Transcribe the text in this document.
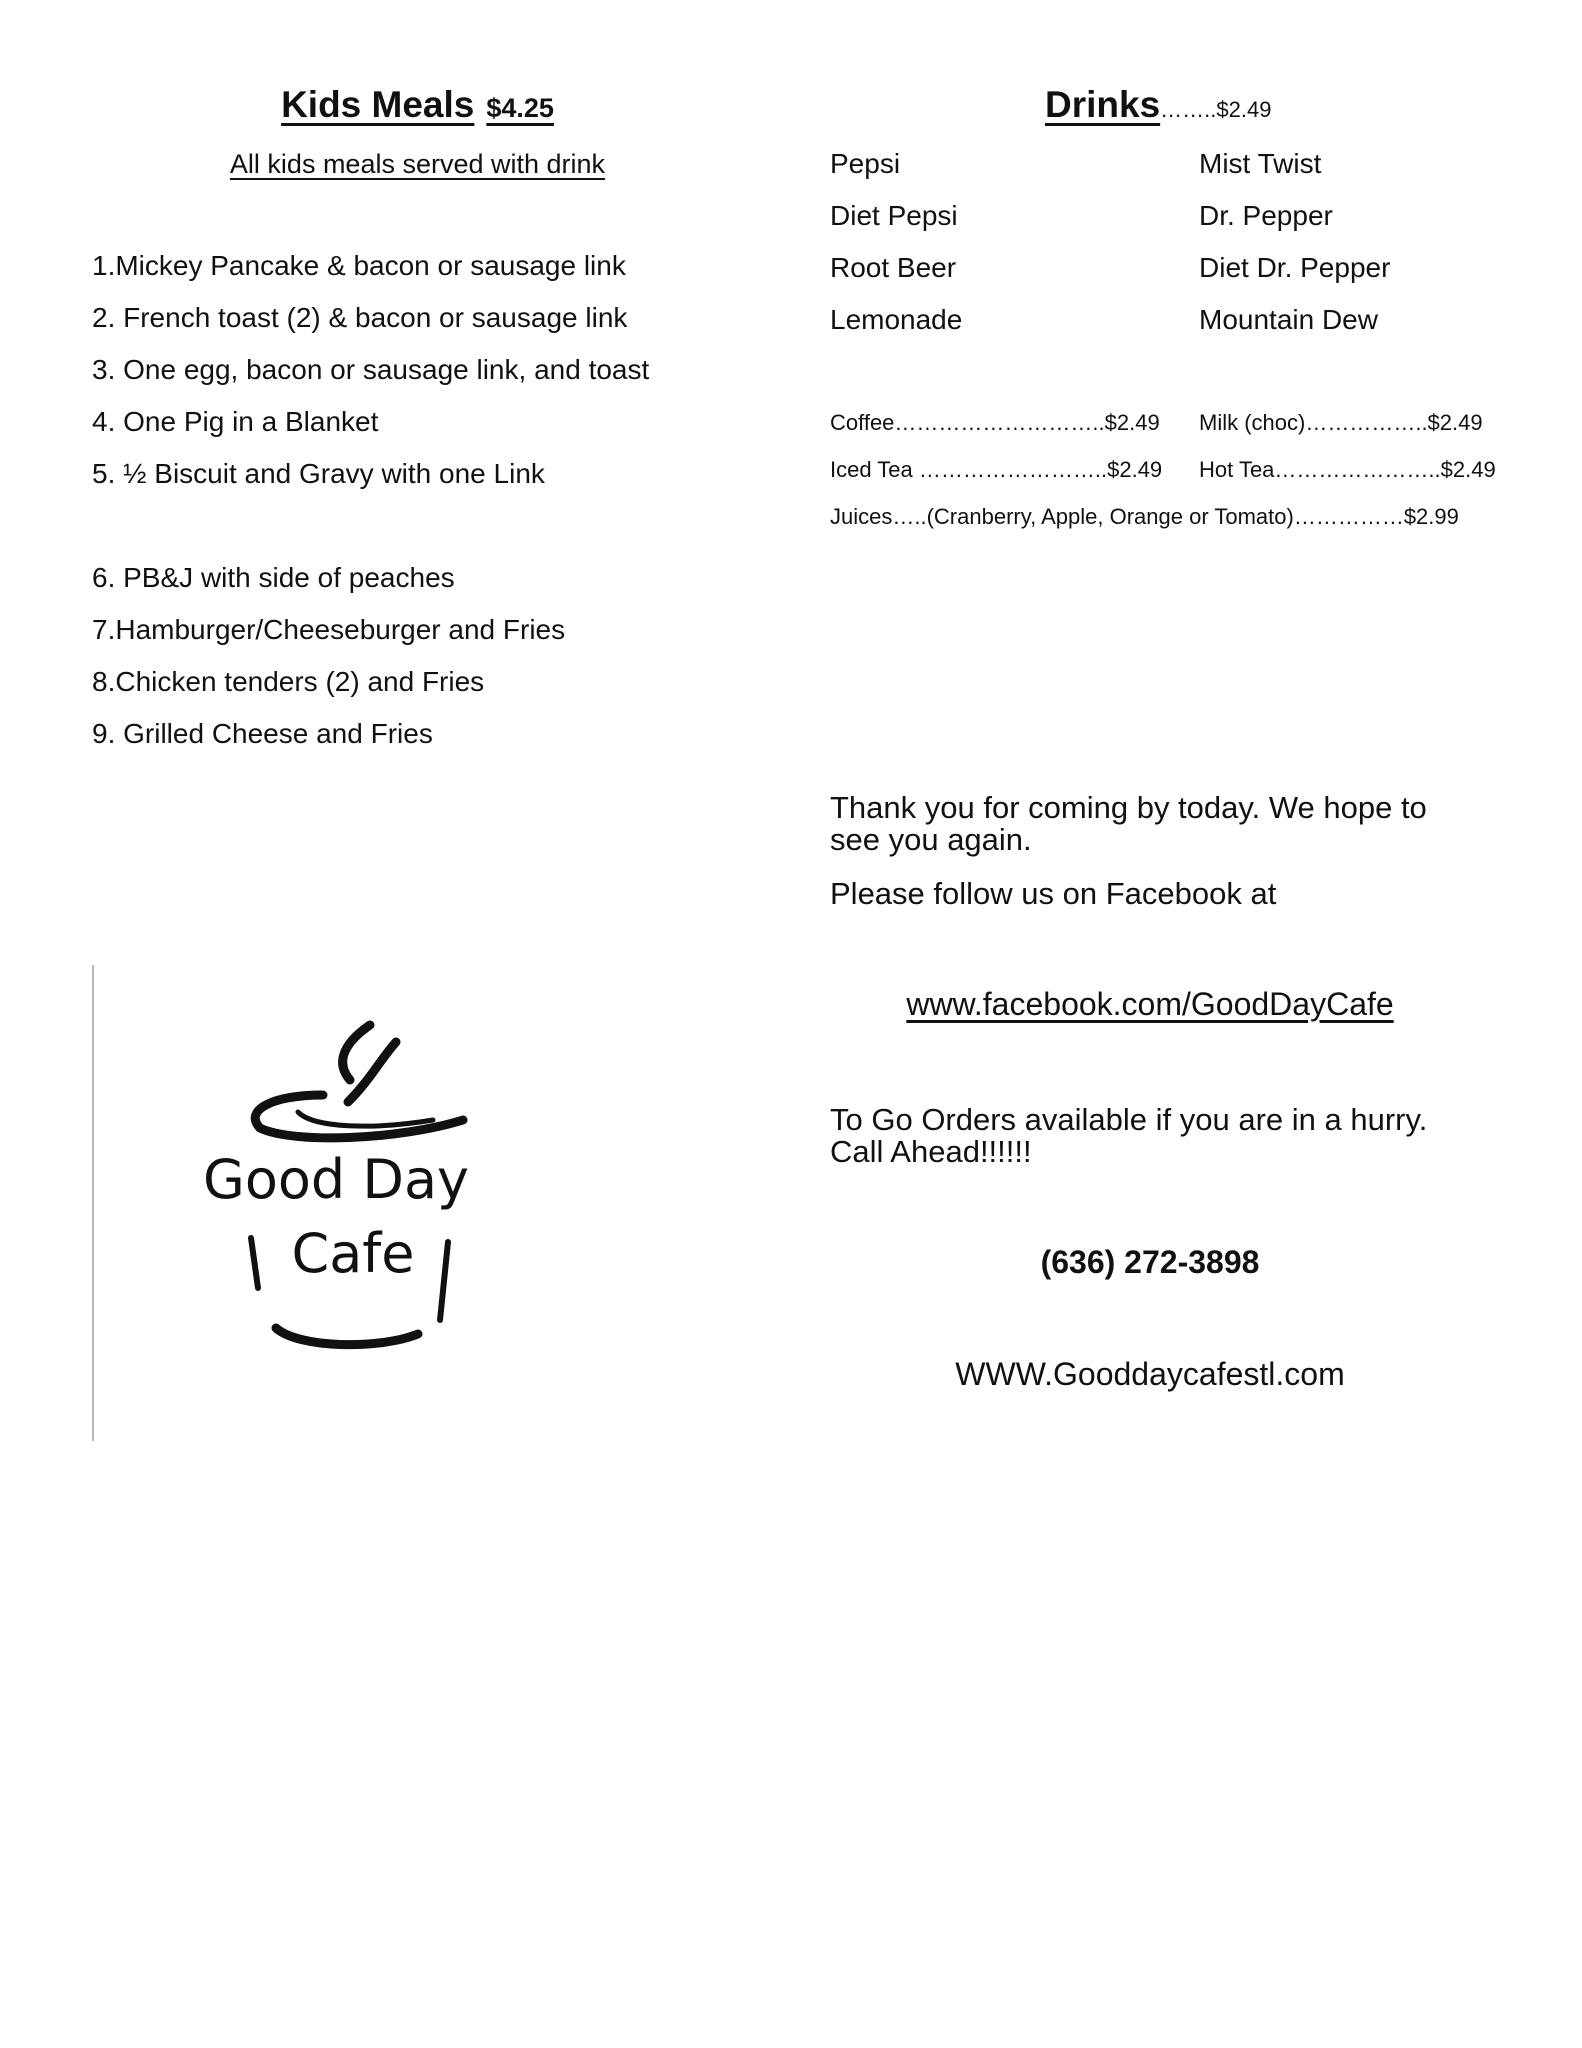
Kids Meals $4.25
All kids meals served with drink
1.Mickey Pancake & bacon or sausage link
2. French toast (2) & bacon or sausage link
3. One egg, bacon or sausage link, and toast
4. One Pig in a Blanket
5. ½ Biscuit and Gravy with one Link
6. PB&J with side of peaches
7.Hamburger/Cheeseburger and Fries
8.Chicken tenders (2) and Fries
9. Grilled Cheese and Fries
Drinks……..$2.49
Pepsi
Diet Pepsi
Root Beer
Lemonade
Mist Twist
Dr. Pepper
Diet Dr. Pepper
Mountain Dew
Coffee………………………..$2.49 Milk (choc)……………..$2.49
Iced Tea ……………………..$2.49 Hot Tea…………………..$2.49
Juices…..(Cranberry, Apple, Orange or Tomato)……………$2.99
Thank you for coming by today. We hope to see you again.
Please follow us on Facebook at
www.facebook.com/GoodDayCafe
To Go Orders available if you are in a hurry. Call Ahead!!!!!!
(636) 272-3898
WWW.Gooddaycafestl.com
Good Day
Cafe
